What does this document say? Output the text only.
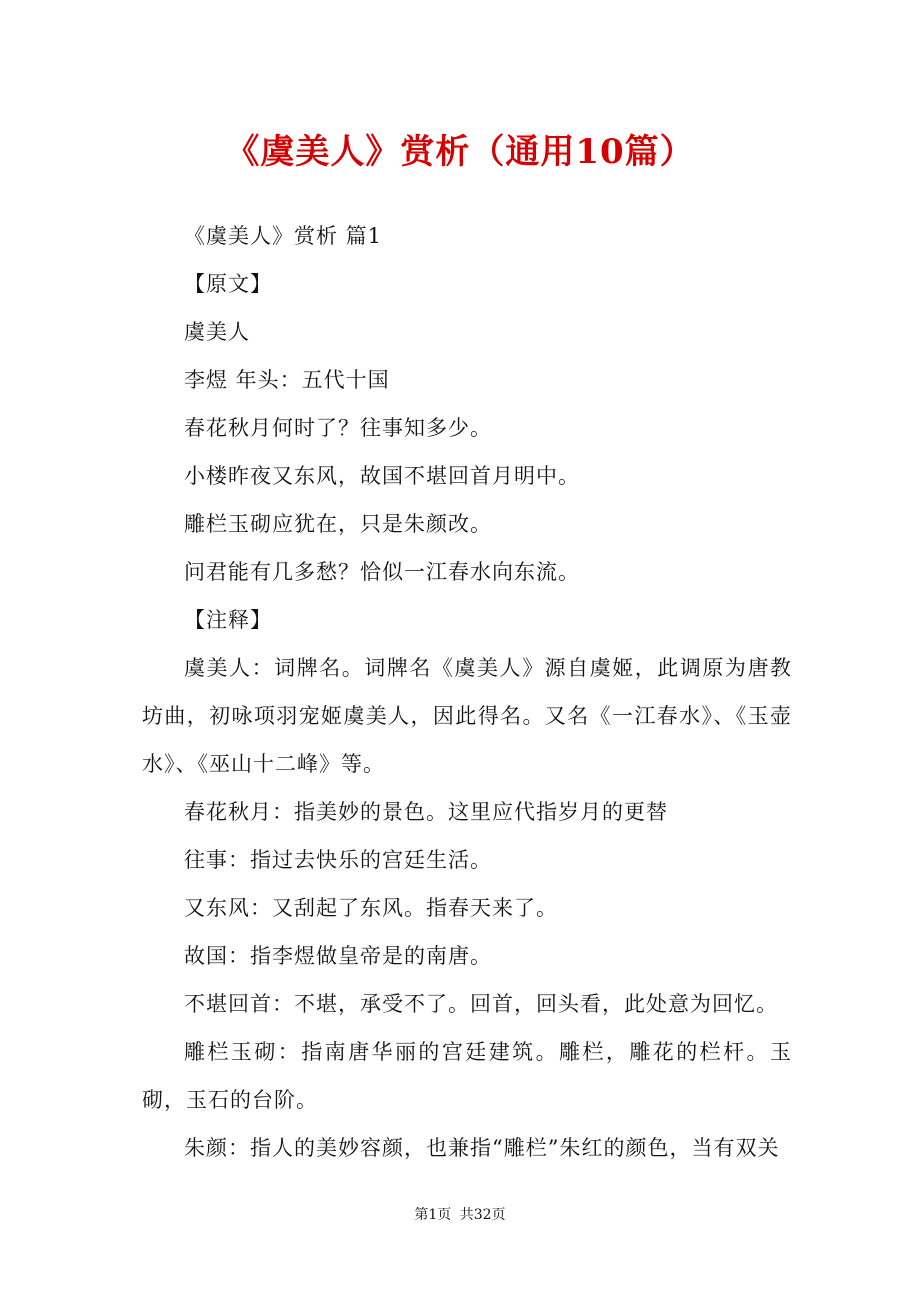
《虞美人》赏析（通用10篇）

《虞美人》赏析 篇1

【原文】

虞美人

李煜 年头：五代十国

春花秋月何时了？往事知多少。

小楼昨夜又东风，故国不堪回首月明中。

雕栏玉砌应犹在，只是朱颜改。

问君能有几多愁？恰似一江春水向东流。

【注释】

虞美人：词牌名。词牌名《虞美人》源自虞姬，此调原为唐教坊曲，初咏项羽宠姬虞美人，因此得名。又名《一江春水》、《玉壶水》、《巫山十二峰》等。

春花秋月：指美妙的景色。这里应代指岁月的更替

往事：指过去快乐的宫廷生活。

又东风：又刮起了东风。指春天来了。

故国：指李煜做皇帝是的南唐。

不堪回首：不堪，承受不了。回首，回头看，此处意为回忆。

雕栏玉砌：指南唐华丽的宫廷建筑。雕栏，雕花的栏杆。玉砌，玉石的台阶。

朱颜：指人的美妙容颜，也兼指“雕栏”朱红的颜色，当有双关

第1页 共32页
